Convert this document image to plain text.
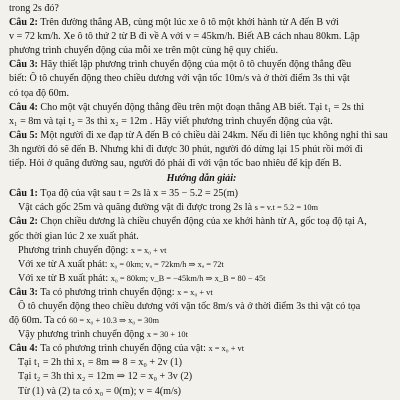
trong 2s đó?
Câu 2: Trên đường thẳng AB, cùng một lúc xe ô tô một khởi hành từ A đến B với
v = 72 km/h. Xe ô tô thứ 2 từ B đi về A với v = 45km/h. Biết AB cách nhau 80km. Lập
phương trình chuyển động của mỗi xe trên một cùng hệ quy chiếu.
Câu 3: Hãy thiết lập phương trình chuyển động của một ô tô chuyển động thẳng đều
biết: Ô tô chuyển động theo chiều dương với vận tốc 10m/s và ở thời điểm 3s thì vật
có tọa độ 60m.
Câu 4: Cho một vật chuyển động thẳng đều trên một đoạn thẳng AB biết. Tại t₁ = 2s thì
x₁ = 8m và tại t₂ = 3s thì x₂ = 12m . Hãy viết phương trình chuyển động của vật.
Câu 5: Một người đi xe đạp từ A đến B có chiều dài 24km. Nếu đi liên tục không nghỉ thì sau
3h người đó sẽ đến B. Nhưng khi đi được 30 phút, người đó dừng lại 15 phút rồi mới đi
tiếp. Hỏi ở quãng đường sau, người đó phải đi với vận tốc bao nhiêu để kịp đến B.
Hướng dẫn giải:
Câu 1: Tọa độ của vật sau t = 2s là x = 35 − 5.2 = 25(m)
Vật cách gốc 25m và quãng đường vật đi được trong 2s là s = v.t = 5.2 = 10m
Câu 2: Chọn chiều dương là chiều chuyển động của xe khởi hành từ A, gốc toạ độ tại A,
gốc thời gian lúc 2 xe xuất phát.
Phương trình chuyển động: x = x₀ + vt
Với xe từ A xuất phát: x₀ = 0km; vₐ = 72km/h ⇒ xₐ = 72t
Với xe từ B xuất phát: x₀ = 80km; v_B = −45km/h ⇒ x_B = 80 − 45t
Câu 3: Ta có phương trình chuyển động: x = x₀ + vt
Ô tô chuyển động theo chiều dương với vận tốc 8m/s và ở thời điểm 3s thì vật có tọa
độ 60m. Ta có 60 = x₀ + 10.3 ⇒ x₀ = 30m
Vậy phương trình chuyển động x = 30 + 10t
Câu 4: Ta có phương trình chuyển động của vật: x = x₀ + vt
Tại t₁ = 2h thì x₁ = 8m ⇒ 8 = x₀ + 2v (1)
Tại t₂ = 3h thì x₂ = 12m ⇒ 12 = x₀ + 3v (2)
Từ (1) và (2) ta có x₀ = 0(m); v = 4(m/s)
